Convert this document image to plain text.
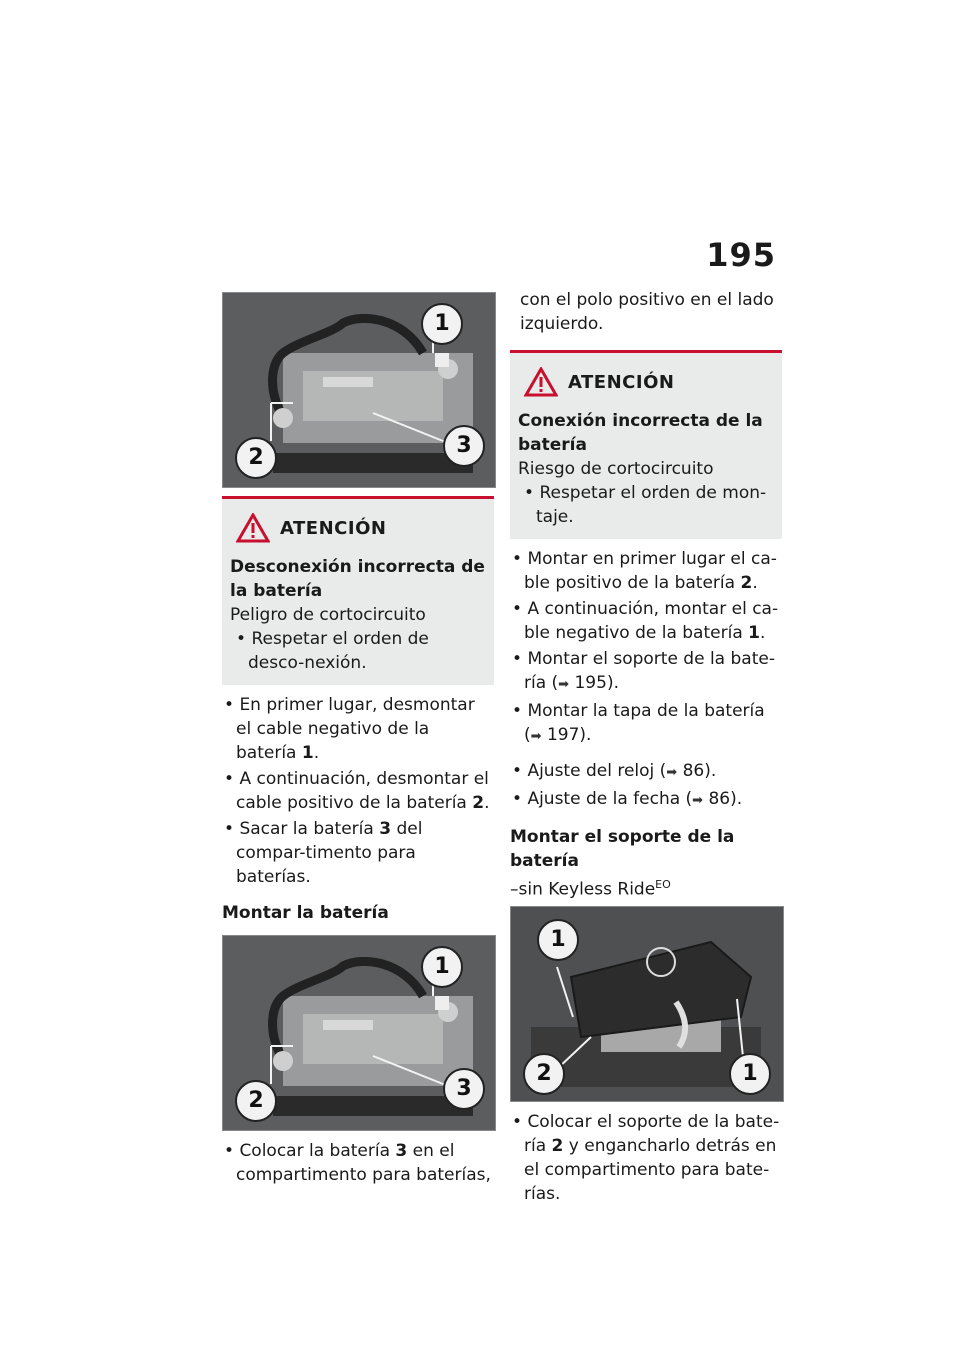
195
1
2	3
ATENCIÓN
Desconexión incorrecta de la batería
Peligro de cortocircuito
• Respetar el orden de desco-nexión.
• En primer lugar, desmontar el cable negativo de la batería 1.
• A continuación, desmontar el cable positivo de la batería 2.
• Sacar la batería 3 del compar-timento para baterías.
Montar la batería
1
2	3
• Colocar la batería 3 en el compartimento para baterías,
con el polo positivo en el lado izquierdo.
ATENCIÓN
Conexión incorrecta de la batería
Riesgo de cortocircuito
• Respetar el orden de mon-taje.
• Montar en primer lugar el ca-ble positivo de la batería 2.
• A continuación, montar el ca-ble negativo de la batería 1.
• Montar el soporte de la bate-ría (➡ 195).
• Montar la tapa de la batería (➡ 197).
• Ajuste del reloj (➡ 86).
• Ajuste de la fecha (➡ 86).
Montar el soporte de la batería
–sin Keyless Ride$^{EO}$
1
2	1
• Colocar el soporte de la bate-ría 2 y engancharlo detrás en el compartimento para bate-rías.
